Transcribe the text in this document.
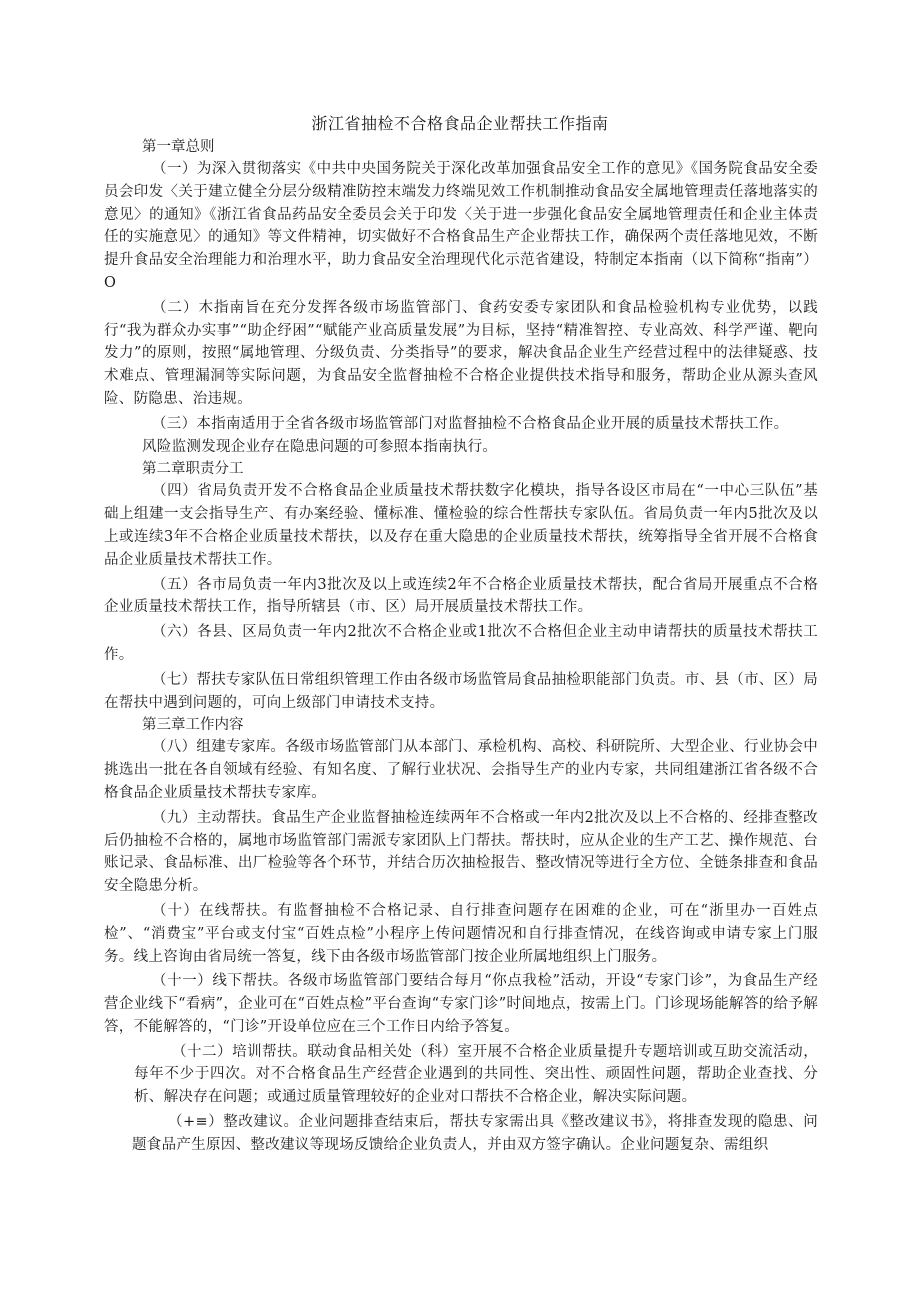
浙江省抽检不合格食品企业帮扶工作指南

第一章总则

（一）为深入贯彻落实《中共中央国务院关于深化改革加强食品安全工作的意见》《国务院食品安全委员会印发〈关于建立健全分层分级精准防控末端发力终端见效工作机制推动食品安全属地管理责任落地落实的意见〉的通知》《浙江省食品药品安全委员会关于印发〈关于进一步强化食品安全属地管理责任和企业主体责任的实施意见〉的通知》等文件精神，切实做好不合格食品生产企业帮扶工作，确保两个责任落地见效，不断提升食品安全治理能力和治理水平，助力食品安全治理现代化示范省建设，特制定本指南（以下简称“指南”）O

（二）木指南旨在充分发挥各级市场监管部门、食药安委专家团队和食品检验机构专业优势，以践行“我为群众办实事”“助企纾困”“赋能产业高质量发展”为目标，坚持“精准智控、专业高效、科学严谨、靶向发力”的原则，按照“属地管理、分级负责、分类指导”的要求，解决食品企业生产经营过程中的法律疑惑、技术难点、管理漏洞等实际问题，为食品安全监督抽检不合格企业提供技术指导和服务，帮助企业从源头查风险、防隐患、治违规。

（三）本指南适用于全省各级市场监管部门对监督抽检不合格食品企业开展的质量技术帮扶工作。

风险监测发现企业存在隐患问题的可参照本指南执行。

第二章职责分工

（四）省局负责开发不合格食品企业质量技术帮扶数字化模块，指导各设区市局在“一中心三队伍”基础上组建一支会指导生产、有办案经验、懂标准、懂检验的综合性帮扶专家队伍。省局负责一年内5批次及以上或连续3年不合格企业质量技术帮扶，以及存在重大隐患的企业质量技术帮扶，统筹指导全省开展不合格食品企业质量技术帮扶工作。

（五）各市局负责一年内3批次及以上或连续2年不合格企业质量技术帮扶，配合省局开展重点不合格企业质量技术帮扶工作，指导所辖县（市、区）局开展质量技术帮扶工作。

（六）各县、区局负责一年内2批次不合格企业或1批次不合格但企业主动申请帮扶的质量技术帮扶工作。

（七）帮扶专家队伍日常组织管理工作由各级市场监管局食品抽检职能部门负责。市、县（市、区）局在帮扶中遇到问题的，可向上级部门申请技术支持。

第三章工作内容

（八）组建专家库。各级市场监管部门从本部门、承检机构、高校、科研院所、大型企业、行业协会中挑选出一批在各自领域有经验、有知名度、了解行业状况、会指导生产的业内专家，共同组建浙江省各级不合格食品企业质量技术帮扶专家库。

（九）主动帮扶。食品生产企业监督抽检连续两年不合格或一年内2批次及以上不合格的、经排查整改后仍抽检不合格的，属地市场监管部门需派专家团队上门帮扶。帮扶时，应从企业的生产工艺、操作规范、台账记录、食品标准、出厂检验等各个环节，并结合历次抽检报告、整改情况等进行全方位、全链条排查和食品安全隐患分析。

（十）在线帮扶。有监督抽检不合格记录、自行排查问题存在困难的企业，可在“浙里办一百姓点检”、“消费宝”平台或支付宝“百姓点检”小程序上传问题情况和自行排查情况，在线咨询或申请专家上门服务。线上咨询由省局统一答复，线下由各级市场监管部门按企业所属地组织上门服务。

（十一）线下帮扶。各级市场监管部门要结合每月“你点我检”活动，开设“专家门诊”，为食品生产经营企业线下“看病”，企业可在“百姓点检”平台查询“专家门诊”时间地点，按需上门。门诊现场能解答的给予解答，不能解答的，“门诊”开设单位应在三个工作日内给予答复。

（十二）培训帮扶。联动食品相关处（科）室开展不合格企业质量提升专题培训或互助交流活动，每年不少于四次。对不合格食品生产经营企业遇到的共同性、突出性、顽固性问题，帮助企业查找、分析、解决存在问题；或通过质量管理较好的企业对口帮扶不合格企业，解决实际问题。

（+≡）整改建议。企业问题排查结束后，帮扶专家需出具《整改建议书》，将排查发现的隐患、问题食品产生原因、整改建议等现场反馈给企业负责人，并由双方签字确认。企业问题复杂、需组织
